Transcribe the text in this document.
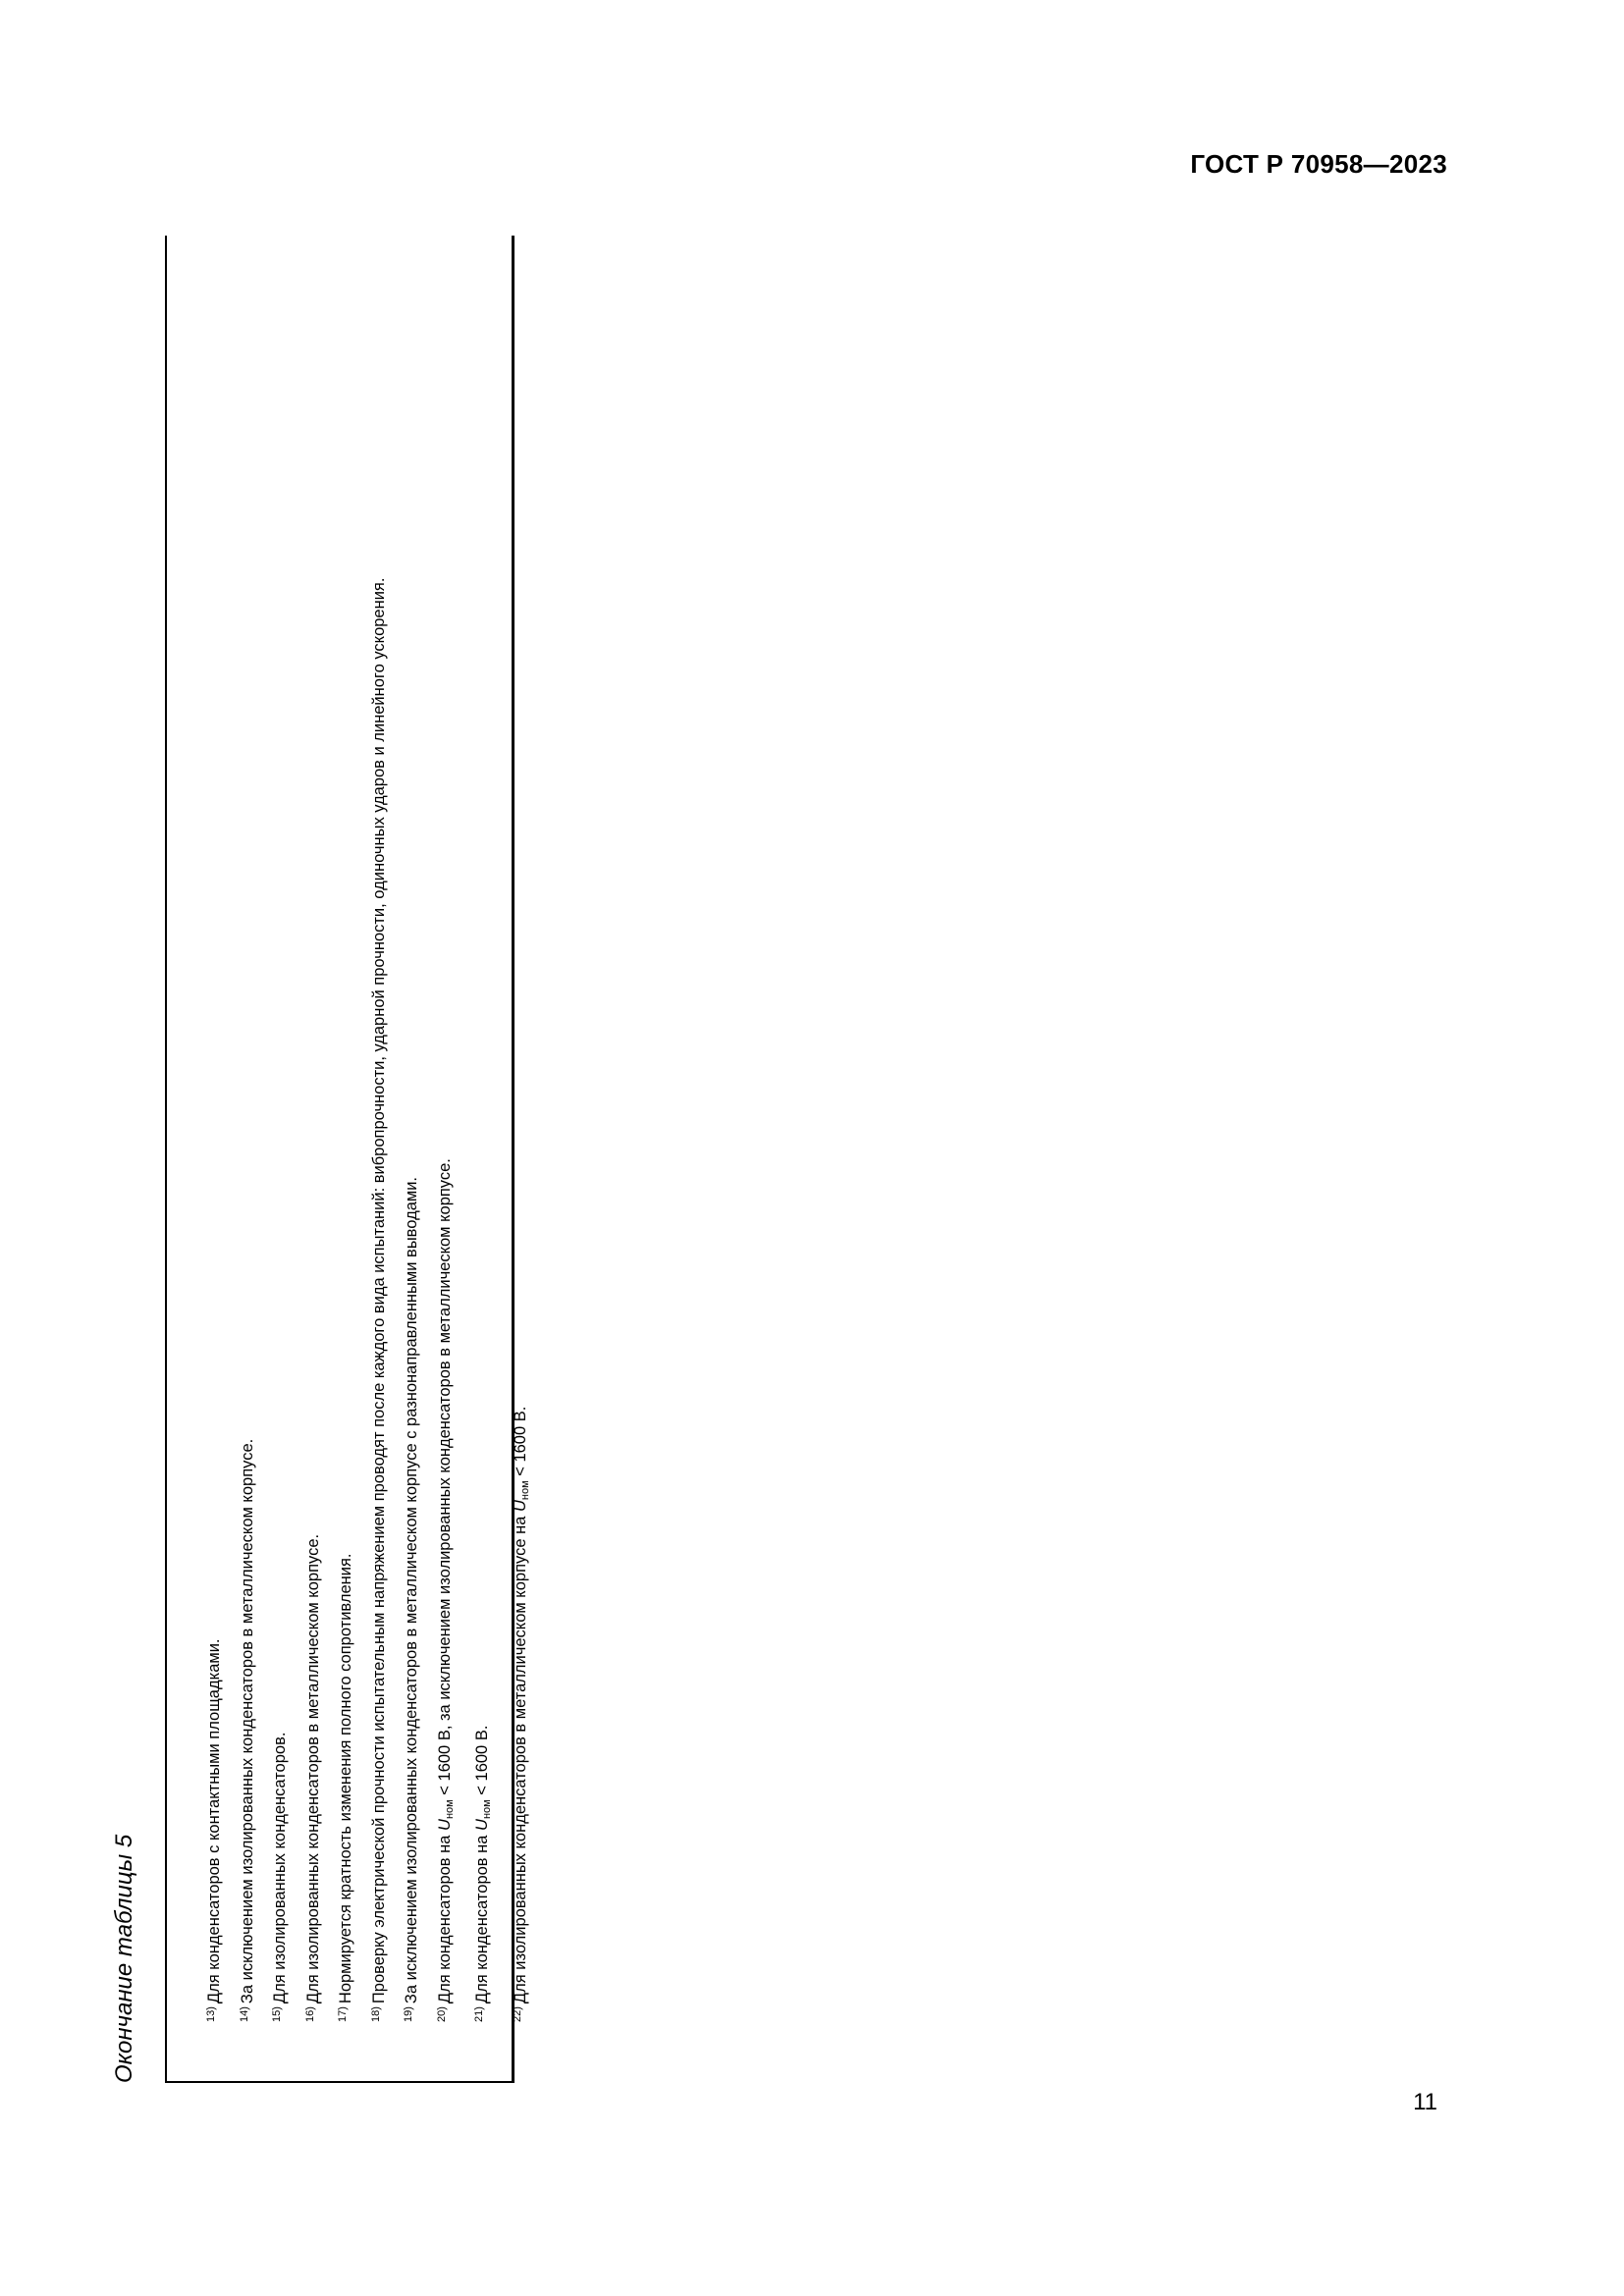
ГОСТ Р 70958—2023
Окончание таблицы 5	$^{13)}$Для конденсаторов с контактными площадками.
$^{14)}$За исключением изолированных конденсаторов в металлическом корпусе.
$^{15)}$Для изолированных конденсаторов.
$^{16)}$Для изолированных конденсаторов в металлическом корпусе.
$^{17)}$Нормируется кратность изменения полного сопротивления.
$^{18)}$Проверку электрической прочности испытательным напряжением проводят после каждого вида испытаний: вибропрочности, ударной прочности, одиночных ударов и линейного ускорения.
$^{19)}$За исключением изолированных конденсаторов в металлическом корпусе с разнонаправленными выводами.
$^{20)}$Для конденсаторов на $U_{ном} < 1600$ В, за исключением изолированных конденсаторов в металлическом корпусе.
$^{21)}$Для конденсаторов на $U_{ном} < 1600$ В.
$^{22)}$Для изолированных конденсаторов в металлическом корпусе на $U_{ном} < 1600$ В.
11
